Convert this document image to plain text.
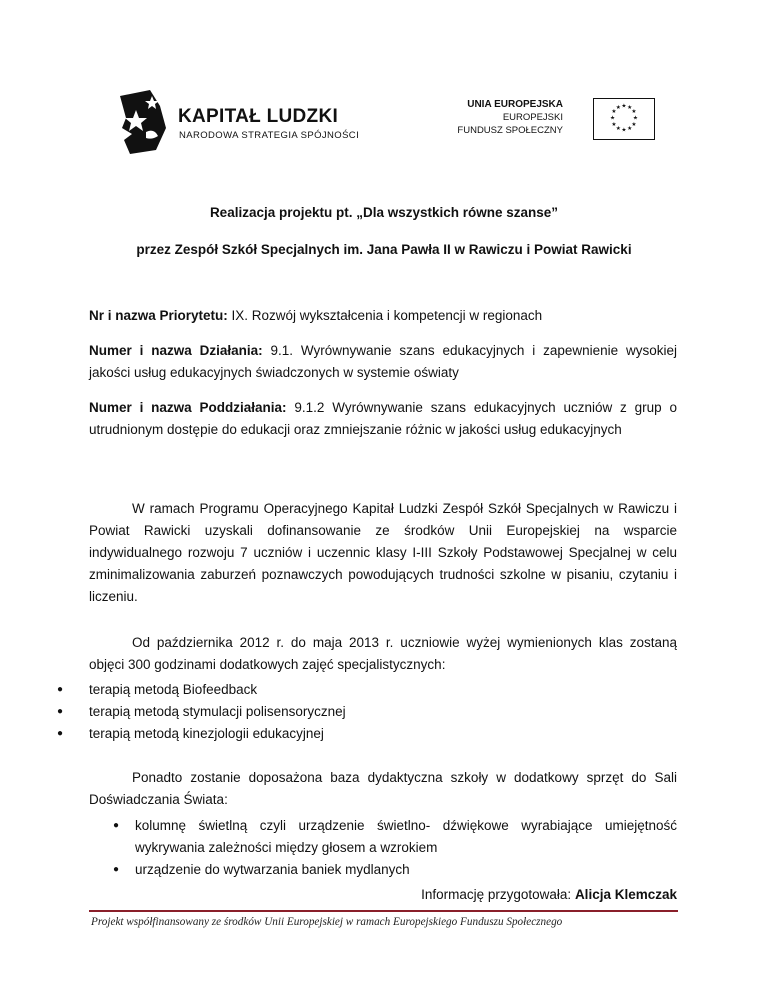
KAPITAŁ LUDZKI
NARODOWA STRATEGIA SPÓJNOŚCI
UNIA EUROPEJSKA
EUROPEJSKI
FUNDUSZ SPOŁECZNY
★ ★
★
★
★
★
★
★
★
★
★
★
Realizacja projektu pt. „Dla wszystkich równe szanse”
przez Zespół Szkół Specjalnych im. Jana Pawła II w Rawiczu i Powiat Rawicki
Nr i nazwa Priorytetu: IX. Rozwój wykształcenia i kompetencji w regionach
Numer i nazwa Działania: 9.1. Wyrównywanie szans edukacyjnych i zapewnienie wysokiej jakości usług edukacyjnych świadczonych w systemie oświaty
Numer i nazwa Poddziałania: 9.1.2 Wyrównywanie szans edukacyjnych uczniów z grup o utrudnionym dostępie do edukacji oraz zmniejszanie różnic w jakości usług edukacyjnych
W ramach Programu Operacyjnego Kapitał Ludzki Zespół Szkół Specjalnych w Rawiczu i Powiat Rawicki uzyskali dofinansowanie ze środków Unii Europejskiej na wsparcie indywidualnego rozwoju 7 uczniów i uczennic klasy I-III Szkoły Podstawowej Specjalnej w celu zminimalizowania zaburzeń poznawczych powodujących trudności szkolne w pisaniu, czytaniu i liczeniu.
Od października 2012 r. do maja 2013 r. uczniowie wyżej wymienionych klas zostaną objęci 300 godzinami dodatkowych zajęć specjalistycznych:
● terapią metodą Biofeedback
● terapią metodą stymulacji polisensorycznej
● terapią metodą kinezjologii edukacyjnej
Ponadto zostanie doposażona baza dydaktyczna szkoły w dodatkowy sprzęt do Sali Doświadczania Świata:
● kolumnę świetlną czyli urządzenie świetlno- dźwiękowe wyrabiające umiejętność wykrywania zależności między głosem a wzrokiem
● urządzenie do wytwarzania baniek mydlanych
Informację przygotowała: Alicja Klemczak
Projekt współfinansowany ze środków Unii Europejskiej w ramach Europejskiego Funduszu Społecznego
